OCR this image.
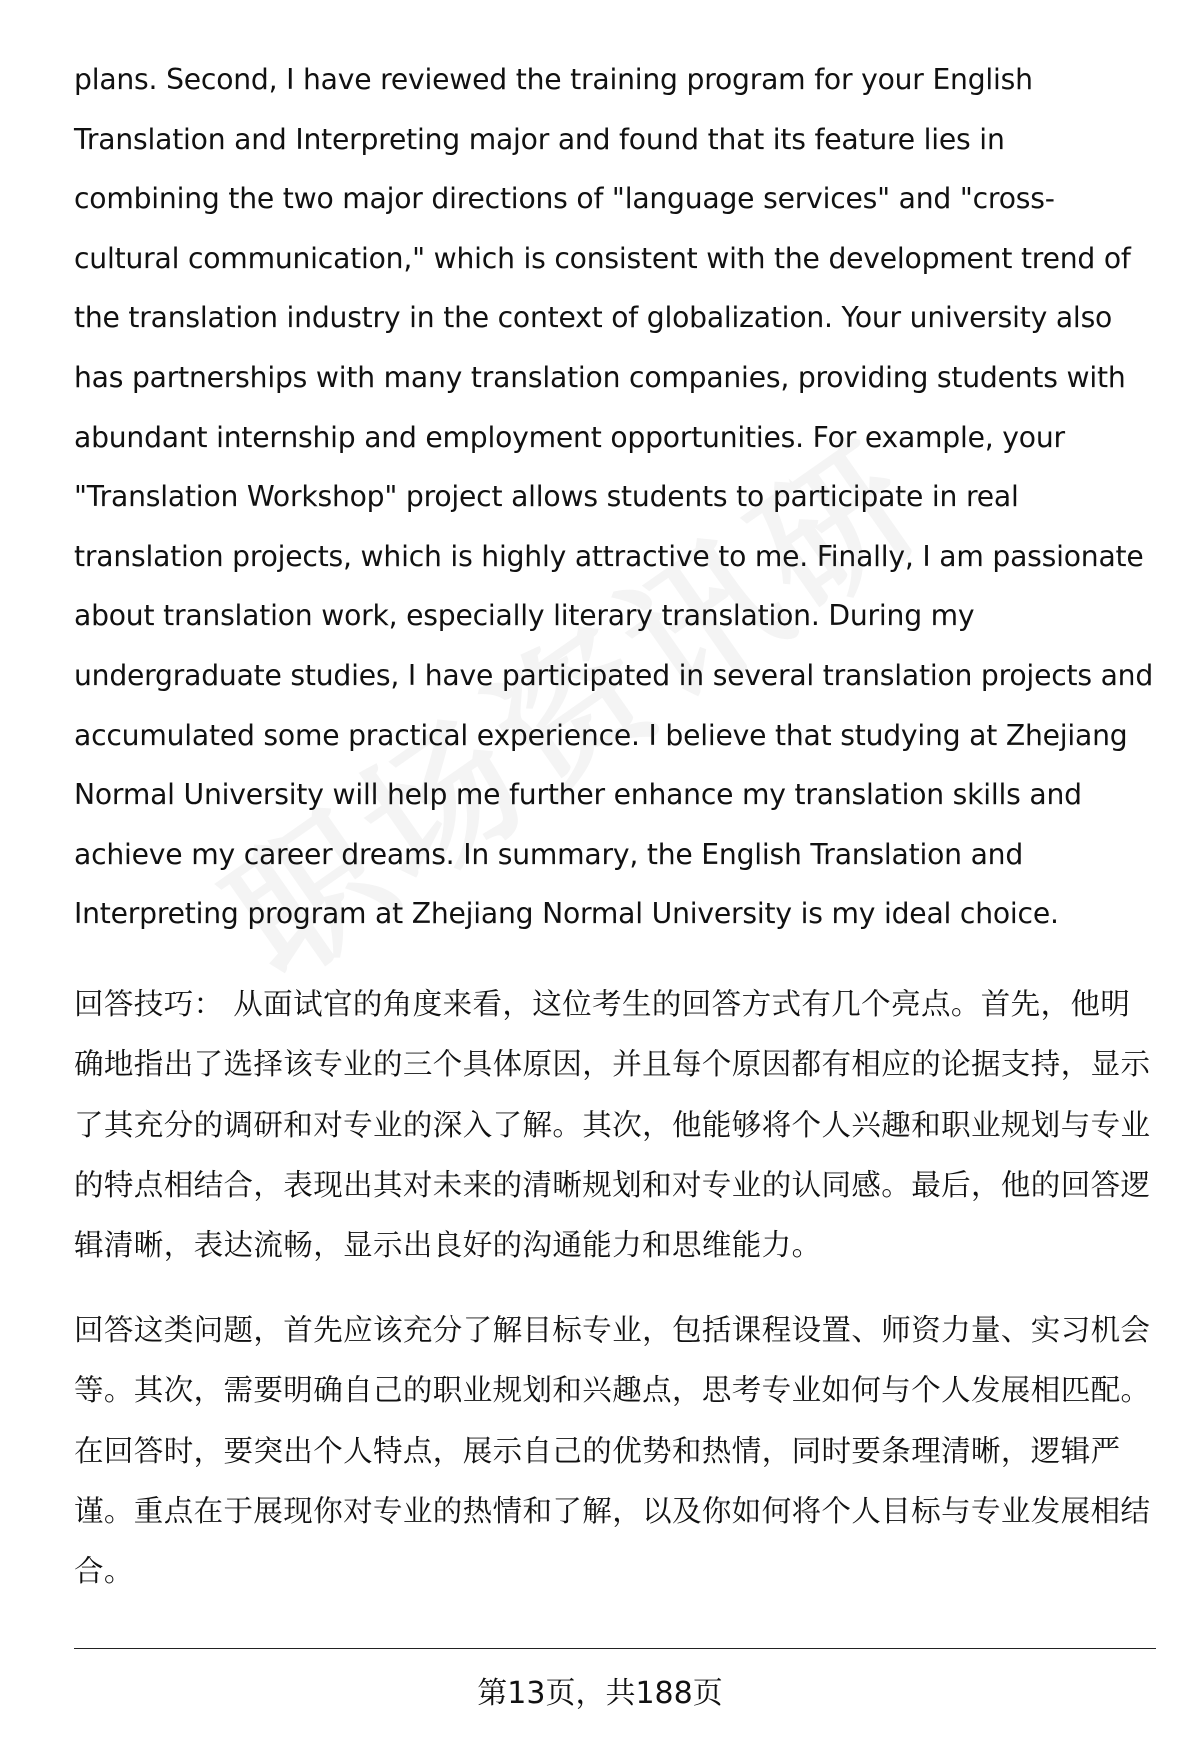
plans. Second, I have reviewed the training program for your English Translation and Interpreting major and found that its feature lies in combining the two major directions of "language services" and "cross-cultural communication," which is consistent with the development trend of the translation industry in the context of globalization. Your university also has partnerships with many translation companies, providing students with abundant internship and employment opportunities. For example, your "Translation Workshop" project allows students to participate in real translation projects, which is highly attractive to me. Finally, I am passionate about translation work, especially literary translation. During my undergraduate studies, I have participated in several translation projects and accumulated some practical experience. I believe that studying at Zhejiang Normal University will help me further enhance my translation skills and achieve my career dreams. In summary, the English Translation and Interpreting program at Zhejiang Normal University is my ideal choice.

回答技巧： 从面试官的角度来看，这位考生的回答方式有几个亮点。首先，他明确地指出了选择该专业的三个具体原因，并且每个原因都有相应的论据支持，显示了其充分的调研和对专业的深入了解。其次，他能够将个人兴趣和职业规划与专业的特点相结合，表现出其对未来的清晰规划和对专业的认同感。最后，他的回答逻辑清晰，表达流畅，显示出良好的沟通能力和思维能力。

回答这类问题，首先应该充分了解目标专业，包括课程设置、师资力量、实习机会等。其次，需要明确自己的职业规划和兴趣点，思考专业如何与个人发展相匹配。在回答时，要突出个人特点，展示自己的优势和热情，同时要条理清晰，逻辑严谨。重点在于展现你对专业的热情和了解，以及你如何将个人目标与专业发展相结合。

第13页，共188页
